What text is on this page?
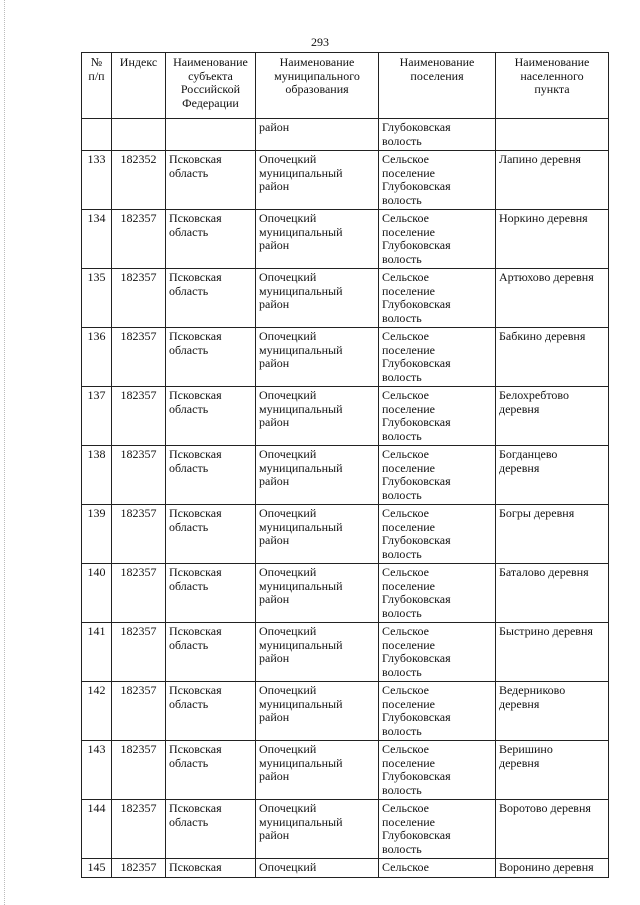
293
№
п/п	Индекс	Наименование
субъекта
Российской
Федерации	Наименование
муниципального
образования	Наименование
поселения	Наименование
населенного
пункта

			район	Глубоковская
волость	

133	182352	Псковская
область	Опочецкий
муниципальный
район	Сельское
поселение
Глубоковская
волость	Лапино деревня

134	182357	Псковская
область	Опочецкий
муниципальный
район	Сельское
поселение
Глубоковская
волость	Норкино деревня

135	182357	Псковская
область	Опочецкий
муниципальный
район	Сельское
поселение
Глубоковская
волость	Артюхово деревня

136	182357	Псковская
область	Опочецкий
муниципальный
район	Сельское
поселение
Глубоковская
волость	Бабкино деревня

137	182357	Псковская
область	Опочецкий
муниципальный
район	Сельское
поселение
Глубоковская
волость	Белохребтово
деревня

138	182357	Псковская
область	Опочецкий
муниципальный
район	Сельское
поселение
Глубоковская
волость	Богданцево
деревня

139	182357	Псковская
область	Опочецкий
муниципальный
район	Сельское
поселение
Глубоковская
волость	Богры деревня

140	182357	Псковская
область	Опочецкий
муниципальный
район	Сельское
поселение
Глубоковская
волость	Баталово деревня

141	182357	Псковская
область	Опочецкий
муниципальный
район	Сельское
поселение
Глубоковская
волость	Быстрино деревня

142	182357	Псковская
область	Опочецкий
муниципальный
район	Сельское
поселение
Глубоковская
волость	Ведерниково
деревня

143	182357	Псковская
область	Опочецкий
муниципальный
район	Сельское
поселение
Глубоковская
волость	Веришино
деревня

144	182357	Псковская
область	Опочецкий
муниципальный
район	Сельское
поселение
Глубоковская
волость	Воротово деревня

145	182357	Псковская	Опочецкий	Сельское	Воронино деревня
